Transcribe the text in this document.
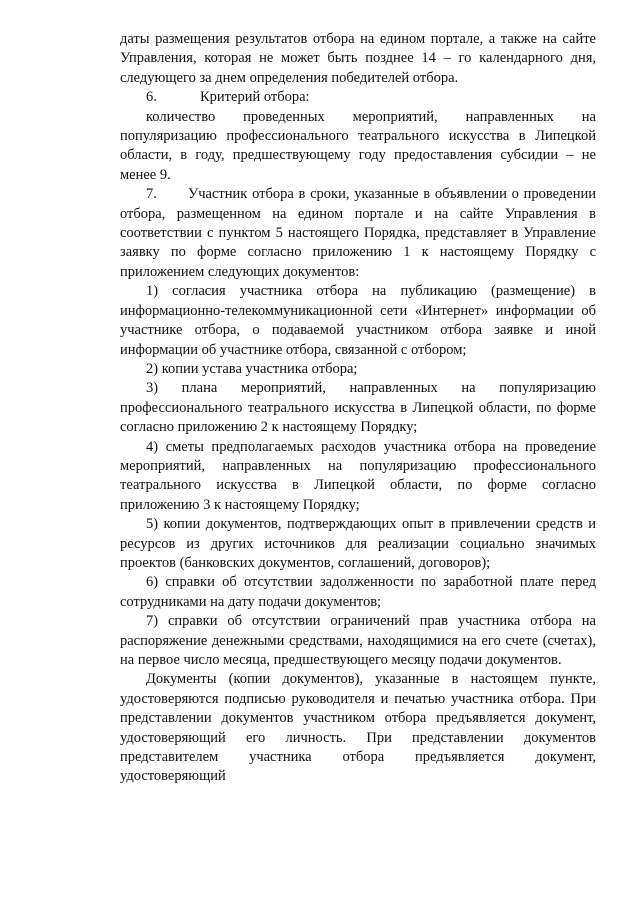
даты размещения результатов отбора на едином портале, а также на сайте Управления, которая не может быть позднее 14 – го календарного дня, следующего за днем определения победителей отбора.

6.	Критерий отбора:

количество проведенных мероприятий, направленных на популяризацию профессионального театрального искусства в Липецкой области, в году, предшествующему году предоставления субсидии – не менее 9.

7. Участник отбора в сроки, указанные в объявлении о проведении отбора, размещенном на едином портале и на сайте Управления в соответствии с пунктом 5 настоящего Порядка, представляет в Управление заявку по форме согласно приложению 1 к настоящему Порядку с приложением следующих документов:

1) согласия участника отбора на публикацию (размещение) в информационно-телекоммуникационной сети «Интернет» информации об участнике отбора, о подаваемой участником отбора заявке и иной информации об участнике отбора, связанной с отбором;

2) копии устава участника отбора;

3) плана мероприятий, направленных на популяризацию профессионального театрального искусства в Липецкой области, по форме согласно приложению 2 к настоящему Порядку;

4) сметы предполагаемых расходов участника отбора на проведение мероприятий, направленных на популяризацию профессионального театрального искусства в Липецкой области, по форме согласно приложению 3 к настоящему Порядку;

5) копии документов, подтверждающих опыт в привлечении средств и ресурсов из других источников для реализации социально значимых проектов (банковских документов, соглашений, договоров);

6) справки об отсутствии задолженности по заработной плате перед сотрудниками на дату подачи документов;

7) справки об отсутствии ограничений прав участника отбора на распоряжение денежными средствами, находящимися на его счете (счетах), на первое число месяца, предшествующего месяцу подачи документов.

Документы (копии документов), указанные в настоящем пункте, удостоверяются подписью руководителя и печатью участника отбора. При представлении документов участником отбора предъявляется документ, удостоверяющий его личность. При представлении документов представителем участника отбора предъявляется документ, удостоверяющий
